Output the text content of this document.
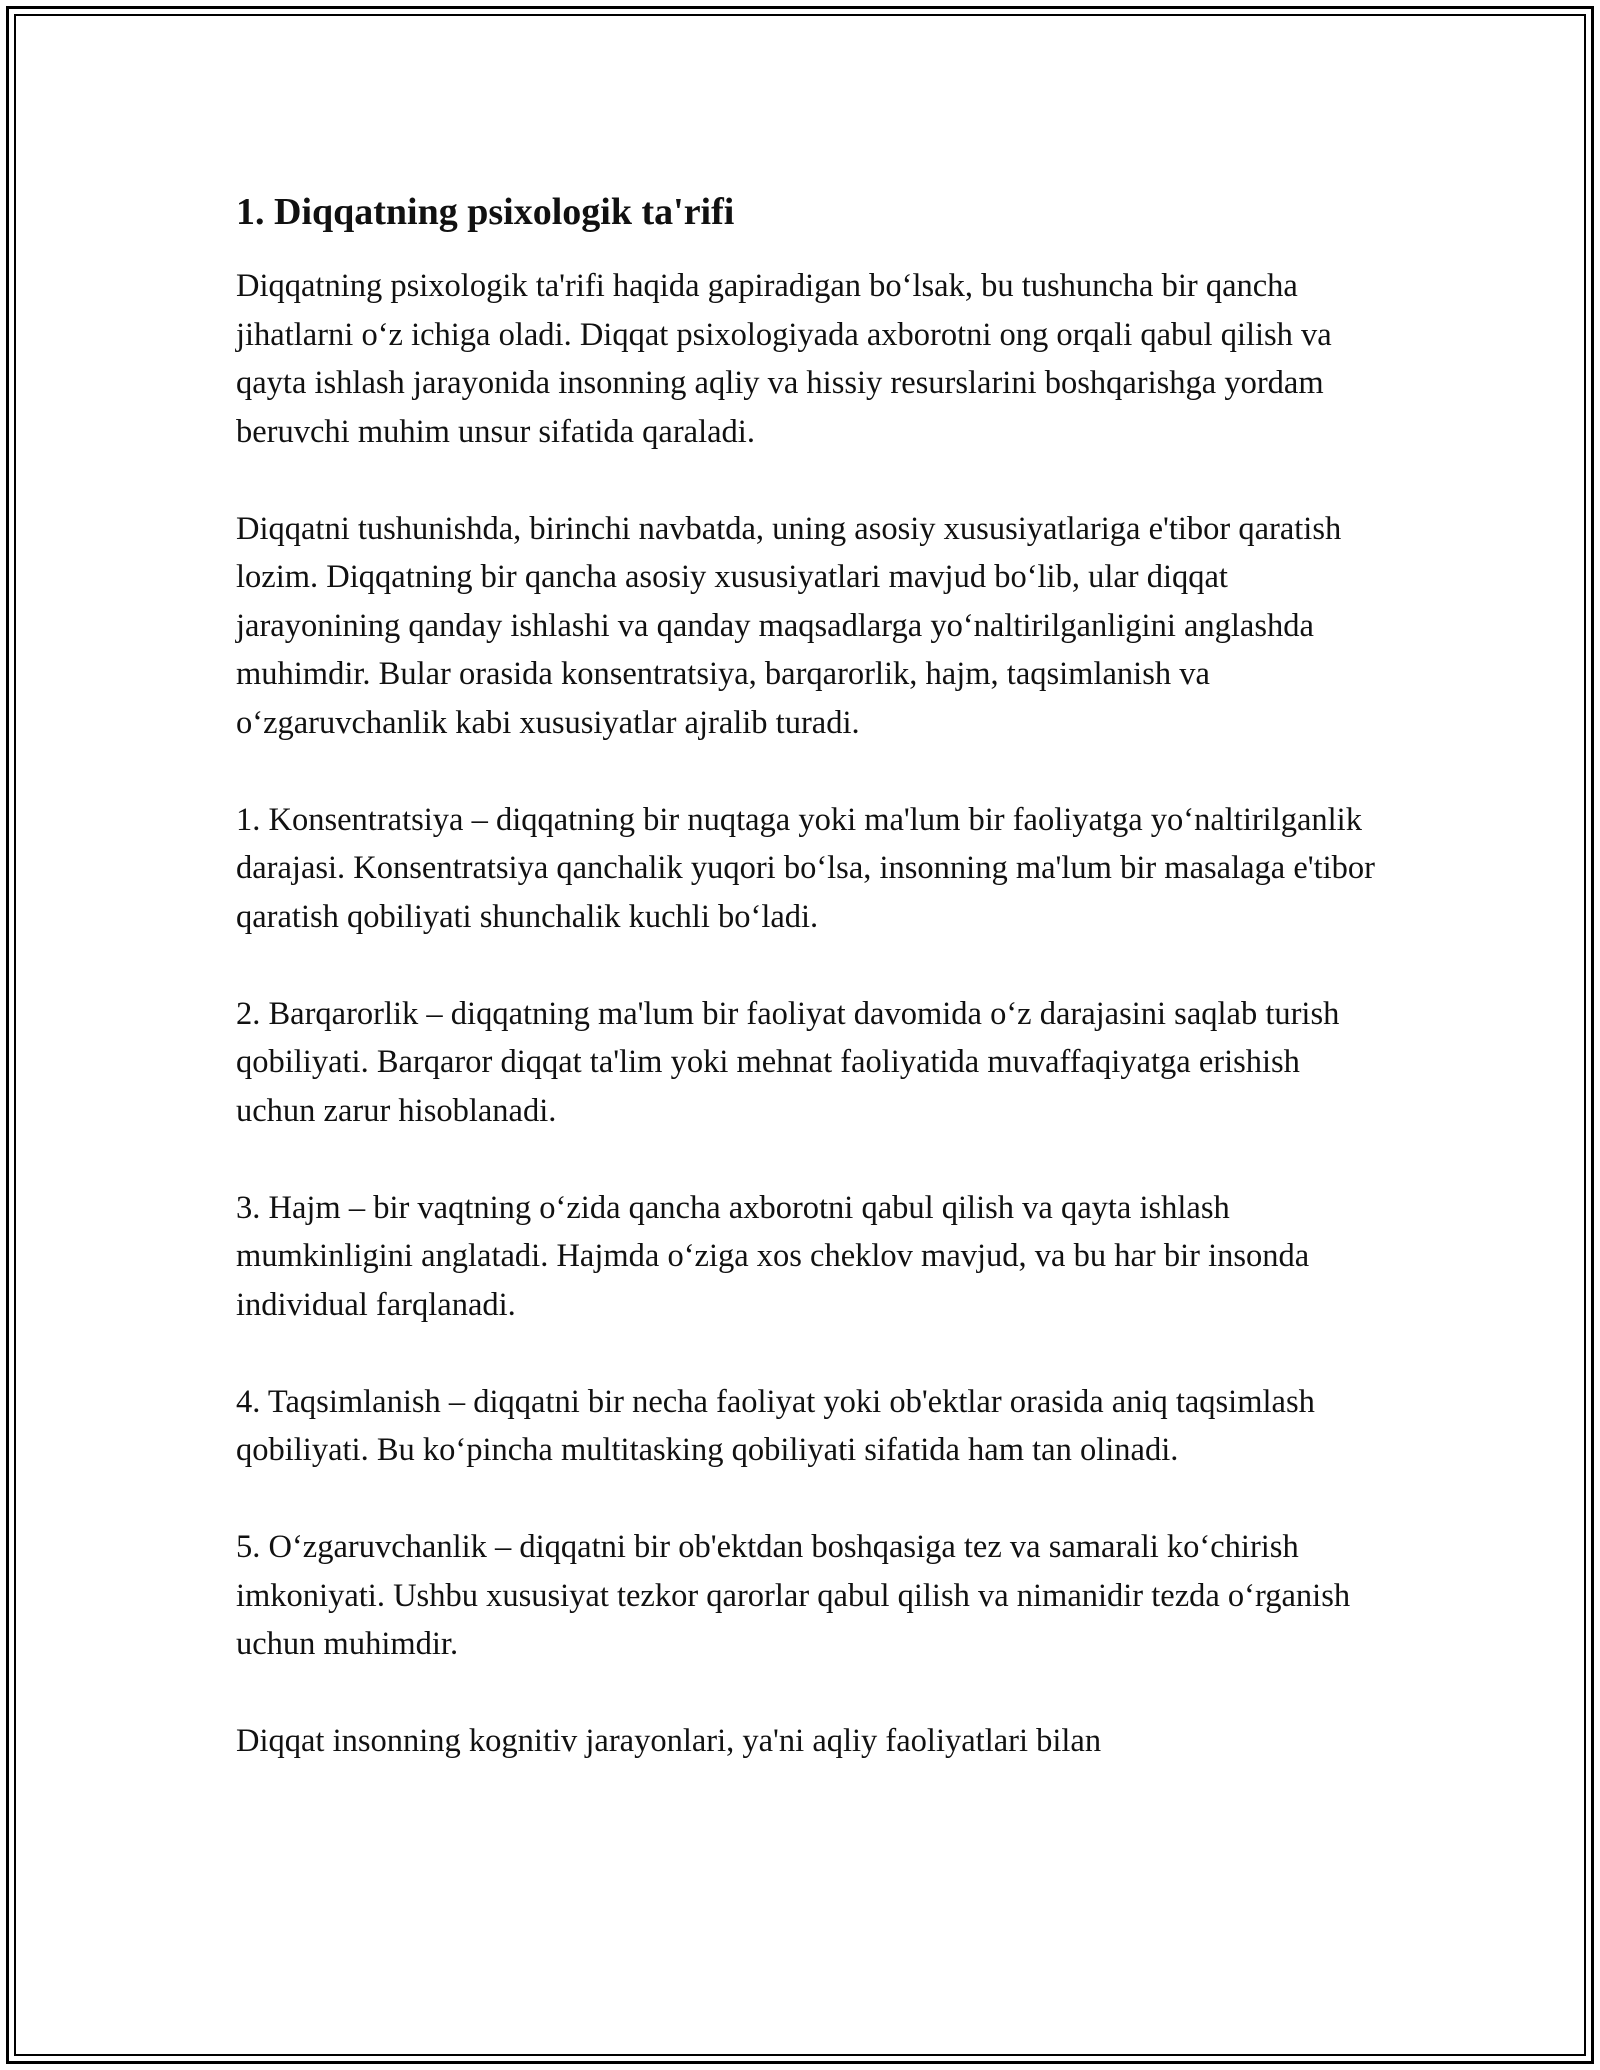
1. Diqqatning psixologik ta'rifi

Diqqatning psixologik ta'rifi haqida gapiradigan bo‘lsak, bu tushuncha bir qancha jihatlarni o‘z ichiga oladi. Diqqat psixologiyada axborotni ong orqali qabul qilish va qayta ishlash jarayonida insonning aqliy va hissiy resurslarini boshqarishga yordam beruvchi muhim unsur sifatida qaraladi.

Diqqatni tushunishda, birinchi navbatda, uning asosiy xususiyatlariga e'tibor qaratish lozim. Diqqatning bir qancha asosiy xususiyatlari mavjud bo‘lib, ular diqqat jarayonining qanday ishlashi va qanday maqsadlarga yo‘naltirilganligini anglashda muhimdir. Bular orasida konsentratsiya, barqarorlik, hajm, taqsimlanish va o‘zgaruvchanlik kabi xususiyatlar ajralib turadi.

1. Konsentratsiya – diqqatning bir nuqtaga yoki ma'lum bir faoliyatga yo‘naltirilganlik darajasi. Konsentratsiya qanchalik yuqori bo‘lsa, insonning ma'lum bir masalaga e'tibor qaratish qobiliyati shunchalik kuchli bo‘ladi.

2. Barqarorlik – diqqatning ma'lum bir faoliyat davomida o‘z darajasini saqlab turish qobiliyati. Barqaror diqqat ta'lim yoki mehnat faoliyatida muvaffaqiyatga erishish uchun zarur hisoblanadi.

3. Hajm – bir vaqtning o‘zida qancha axborotni qabul qilish va qayta ishlash mumkinligini anglatadi. Hajmda o‘ziga xos cheklov mavjud, va bu har bir insonda individual farqlanadi.

4. Taqsimlanish – diqqatni bir necha faoliyat yoki ob'ektlar orasida aniq taqsimlash qobiliyati. Bu ko‘pincha multitasking qobiliyati sifatida ham tan olinadi.

5. O‘zgaruvchanlik – diqqatni bir ob'ektdan boshqasiga tez va samarali ko‘chirish imkoniyati. Ushbu xususiyat tezkor qarorlar qabul qilish va nimanidir tezda o‘rganish uchun muhimdir.

Diqqat insonning kognitiv jarayonlari, ya'ni aqliy faoliyatlari bilan
